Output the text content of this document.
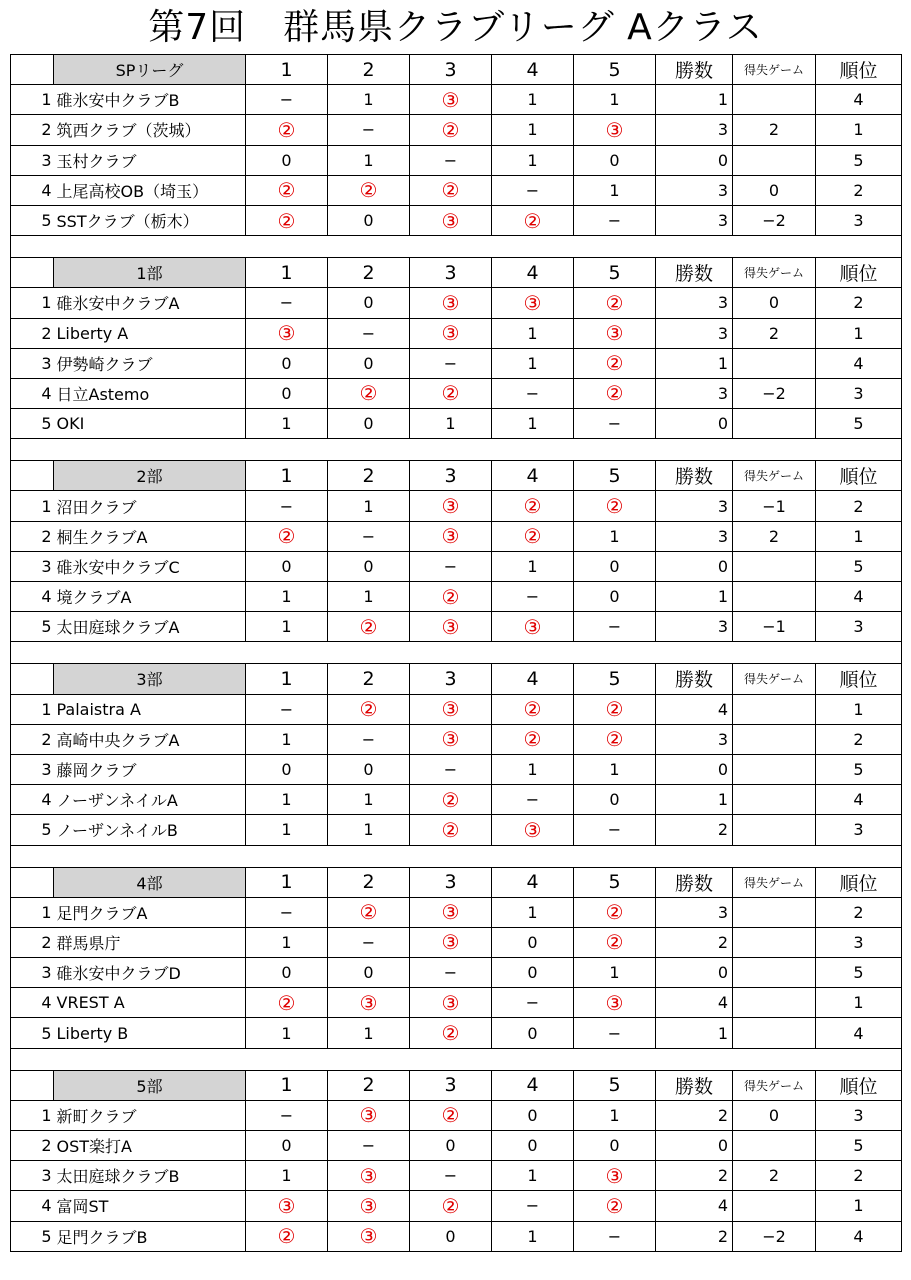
第7回　群馬県クラブリーグ Aクラス
	SPリーグ	1	2	3	4	5	勝数	得失ゲーム	順位
1	碓氷安中クラブB	−	1	③	1	1	1		4
2	筑西クラブ（茨城）	②	−	②	1	③	3	2	1
3	玉村クラブ	0	1	−	1	0	0		5
4	上尾高校OB（埼玉）	②	②	②	−	1	3	0	2
5	SSTクラブ（栃木）	②	0	③	②	−	3	−2	3

	1部	1	2	3	4	5	勝数	得失ゲーム	順位
1	碓氷安中クラブA	−	0	③	③	②	3	0	2
2	Liberty A	③	−	③	1	③	3	2	1
3	伊勢崎クラブ	0	0	−	1	②	1		4
4	日立Astemo	0	②	②	−	②	3	−2	3
5	OKI	1	0	1	1	−	0		5

	2部	1	2	3	4	5	勝数	得失ゲーム	順位
1	沼田クラブ	−	1	③	②	②	3	−1	2
2	桐生クラブA	②	−	③	②	1	3	2	1
3	碓氷安中クラブC	0	0	−	1	0	0		5
4	境クラブA	1	1	②	−	0	1		4
5	太田庭球クラブA	1	②	③	③	−	3	−1	3

	3部	1	2	3	4	5	勝数	得失ゲーム	順位
1	Palaistra A	−	②	③	②	②	4		1
2	高崎中央クラブA	1	−	③	②	②	3		2
3	藤岡クラブ	0	0	−	1	1	0		5
4	ノーザンネイルA	1	1	②	−	0	1		4
5	ノーザンネイルB	1	1	②	③	−	2		3

	4部	1	2	3	4	5	勝数	得失ゲーム	順位
1	足門クラブA	−	②	③	1	②	3		2
2	群馬県庁	1	−	③	0	②	2		3
3	碓氷安中クラブD	0	0	−	0	1	0		5
4	VREST A	②	③	③	−	③	4		1
5	Liberty B	1	1	②	0	−	1		4

	5部	1	2	3	4	5	勝数	得失ゲーム	順位
1	新町クラブ	−	③	②	0	1	2	0	3
2	OST楽打A	0	−	0	0	0	0		5
3	太田庭球クラブB	1	③	−	1	③	2	2	2
4	富岡ST	③	③	②	−	②	4		1
5	足門クラブB	②	③	0	1	−	2	−2	4
